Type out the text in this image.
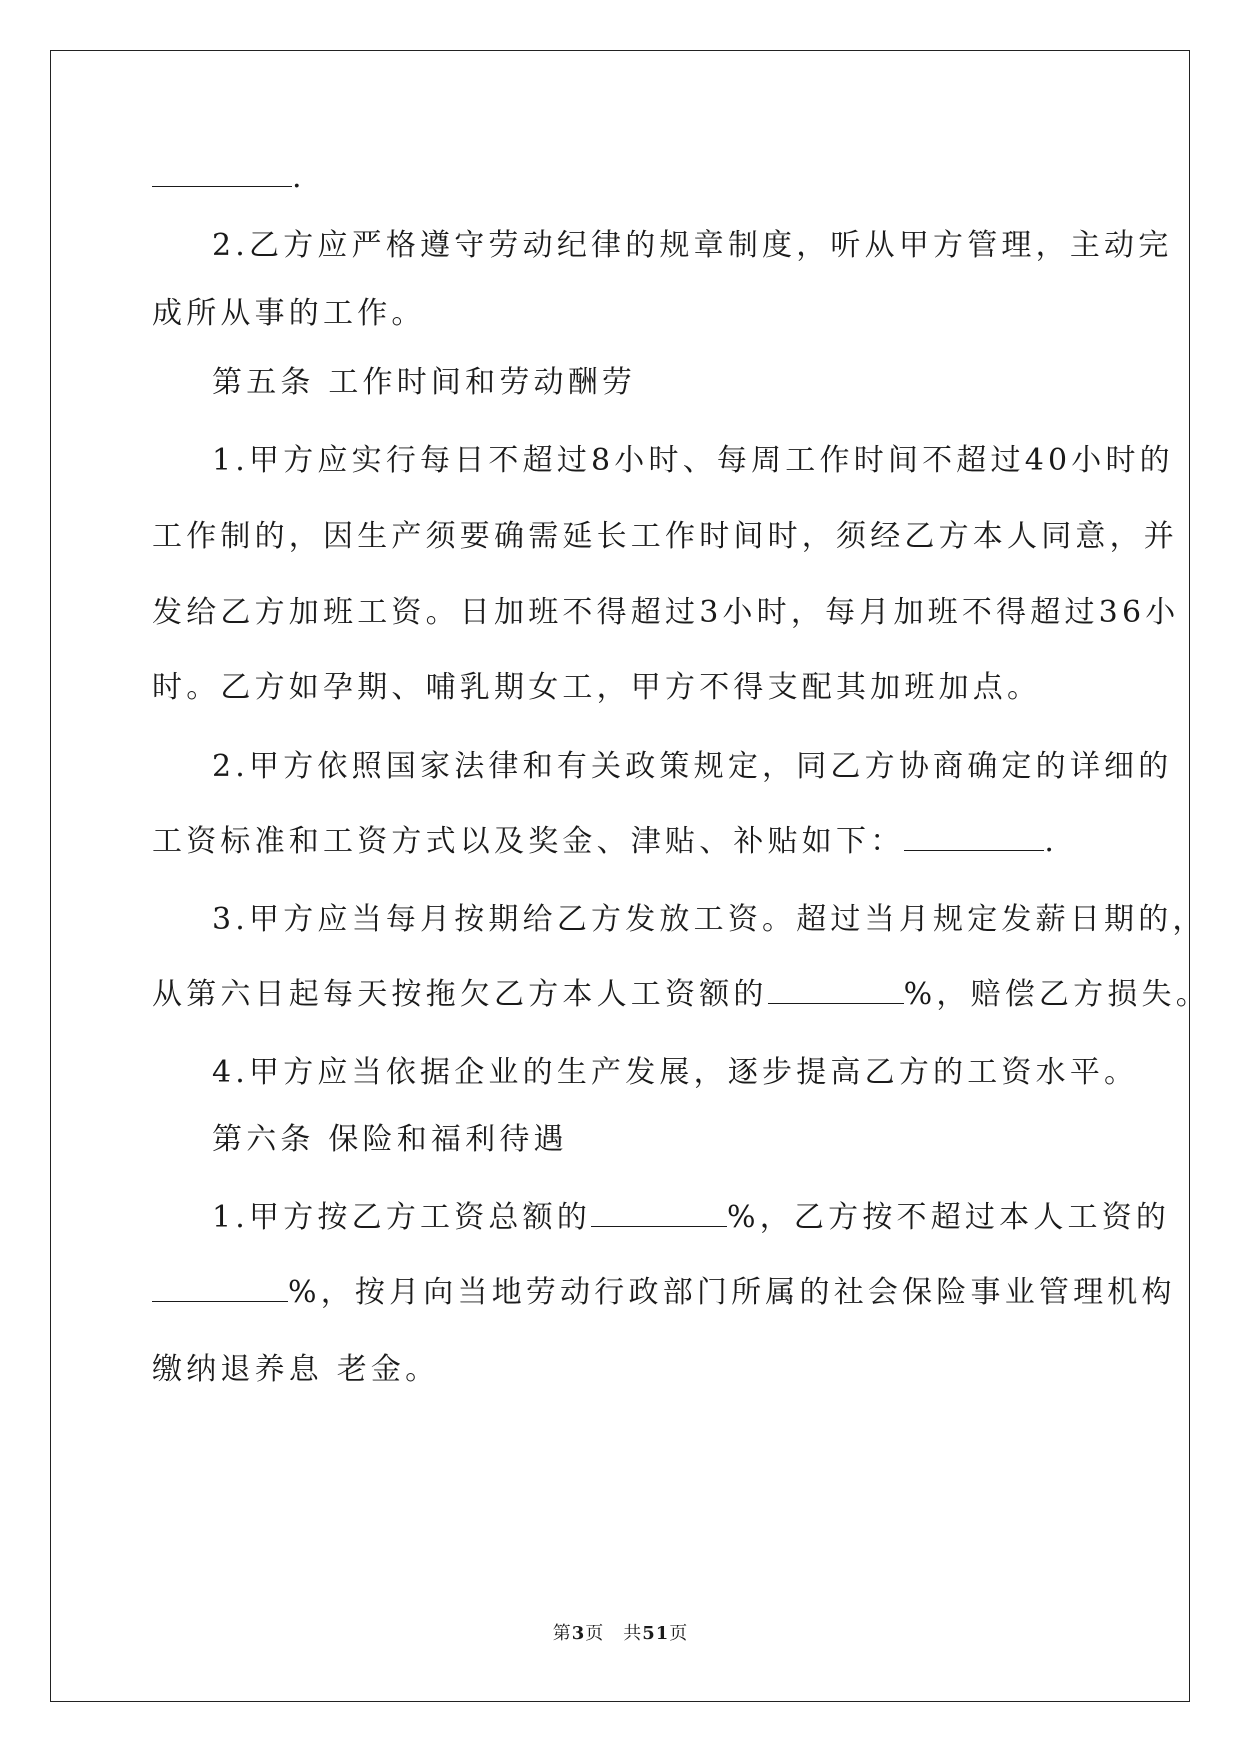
.
2.乙方应严格遵守劳动纪律的规章制度，听从甲方管理，主动完
成所从事的工作。
第五条 工作时间和劳动酬劳
1.甲方应实行每日不超过8小时、每周工作时间不超过40小时的
工作制的，因生产须要确需延长工作时间时，须经乙方本人同意，并
发给乙方加班工资。日加班不得超过3小时，每月加班不得超过36小
时。乙方如孕期、哺乳期女工，甲方不得支配其加班加点。
2.甲方依照国家法律和有关政策规定，同乙方协商确定的详细的
工资标准和工资方式以及奖金、津贴、补贴如下：	.
3.甲方应当每月按期给乙方发放工资。超过当月规定发薪日期的，
从第六日起每天按拖欠乙方本人工资额的	%，赔偿乙方损失。
4.甲方应当依据企业的生产发展，逐步提高乙方的工资水平。
第六条 保险和福利待遇
1.甲方按乙方工资总额的	%，乙方按不超过本人工资的
%，按月向当地劳动行政部门所属的社会保险事业管理机构
缴纳退养息 老金。
第3页　共51页
